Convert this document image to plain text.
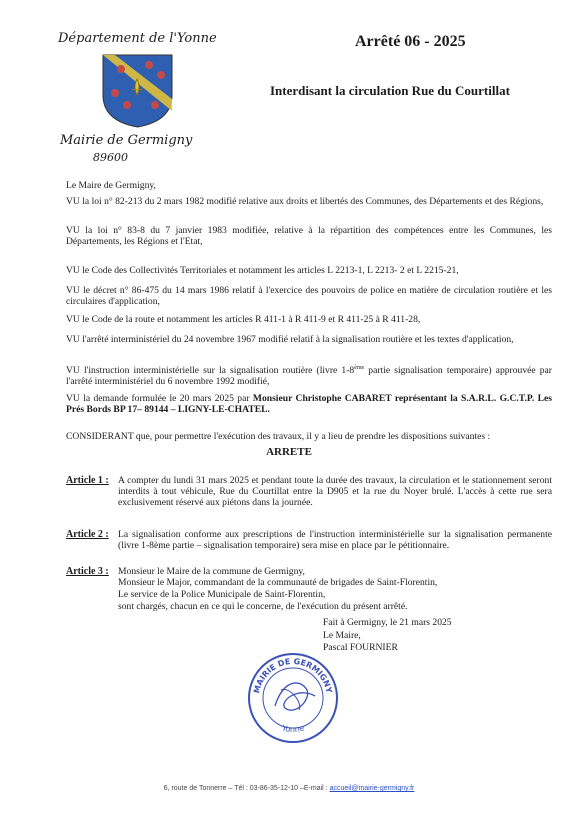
Département de l'Yonne
Mairie de Germigny
89600
Arrêté 06 - 2025
Interdisant la circulation Rue du Courtillat
Le Maire de Germigny,
VU la loi n° 82-213 du 2 mars 1982 modifié relative aux droits et libertés des Communes, des Départements et des Régions,
VU la loi n° 83-8 du 7 janvier 1983 modifiée, relative à la répartition des compétences entre les Communes, les Départements, les Régions et l'Etat,
VU le Code des Collectivités Territoriales et notamment les articles L 2213-1, L 2213- 2 et L 2215-21,
VU le décret n° 86-475 du 14 mars 1986 relatif à l'exercice des pouvoirs de police en matière de circulation routière et les circulaires d'application,
VU le Code de la route et notamment les articles R 411-1 à R 411-9 et R 411-25 à R 411-28,
VU l'arrêté interministériel du 24 novembre 1967 modifié relatif à la signalisation routière et les textes d'application,
VU l'instruction interministérielle sur la signalisation routière (livre 1-8ème partie signalisation temporaire) approuvée par l'arrêté interministériel du 6 novembre 1992 modifié,
VU la demande formulée le 20 mars 2025 par Monsieur Christophe CABARET représentant la S.A.R.L. G.C.T.P. Les Prés Bords BP 17– 89144 – LIGNY-LE-CHATEL.
CONSIDERANT que, pour permettre l'exécution des travaux, il y a lieu de prendre les dispositions suivantes :
ARRETE
Article 1 : A compter du lundi 31 mars 2025 et pendant toute la durée des travaux, la circulation et le stationnement seront interdits à tout véhicule, Rue du Courtillat entre la D905 et la rue du Noyer brulé. L'accès à cette rue sera exclusivement réservé aux piétons dans la journée.
Article 2 : La signalisation conforme aux prescriptions de l'instruction interministérielle sur la signalisation permanente (livre 1-8ème partie – signalisation temporaire) sera mise en place par le pétitionnaire.
Article 3 : Monsieur le Maire de la commune de Germigny,
Monsieur le Major, commandant de la communauté de brigades de Saint-Florentin,
Le service de la Police Municipale de Saint-Florentin,
sont chargés, chacun en ce qui le concerne, de l'exécution du présent arrêté.
Fait à Germigny, le 21 mars 2025
Le Maire,
Pascal FOURNIER
MAIRIE DE GERMIGNY
Yonne
6, route de Tonnerre – Tél : 03-86-35-12-10 –E-mail : accueil@mairie-germigny.fr
